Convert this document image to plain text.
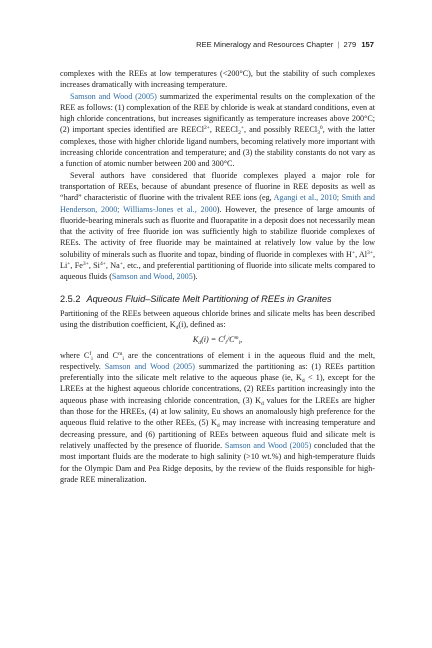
REE Mineralogy and Resources Chapter | 279 157

complexes with the REEs at low temperatures (<200°C), but the stability of such complexes increases dramatically with increasing temperature.

Samson and Wood (2005) summarized the experimental results on the complexation of the REE as follows: (1) complexation of the REE by chloride is weak at standard conditions, even at high chloride concentrations, but increases significantly as temperature increases above 200°C; (2) important species identified are REECl$^{2+}$, REECl$_2$+, and possibly REECl$_3^0$, with the latter complexes, those with higher chloride ligand numbers, becoming relatively more important with increasing chloride concentration and temperature; and (3) the stability constants do not vary as a function of atomic number between 200 and 300°C.

Several authors have considered that fluoride complexes played a major role for transportation of REEs, because of abundant presence of fluorine in REE deposits as well as “hard” characteristic of fluorine with the trivalent REE ions (eg, Agangi et al., 2010; Smith and Henderson, 2000; Williams-Jones et al., 2000). However, the presence of large amounts of fluoride-bearing minerals such as fluorite and fluorapatite in a deposit does not necessarily mean that the activity of free fluoride ion was sufficiently high to stabilize fluoride complexes of REEs. The activity of free fluoride may be maintained at relatively low value by the low solubility of minerals such as fluorite and topaz, binding of fluoride in complexes with H+, $Al^{3+}$, Li+, $Fe^{3+}$, $Si^{4+}$, Na+, etc., and preferential partitioning of fluoride into silicate melts compared to aqueous fluids (Samson and Wood, 2005).

2.5.2 Aqueous Fluid–Silicate Melt Partitioning of REEs in Granites

Partitioning of the REEs between aqueous chloride brines and silicate melts has been described using the distribution coefficient, $K_d(i)$, defined as:

$K_d(i) = C^f_i/C^m_i$,

where $C^f_i$ and $C^m_i$ are the concentrations of element i in the aqueous fluid and the melt, respectively. Samson and Wood (2005) summarized the partitioning as: (1) REEs partition preferentially into the silicate melt relative to the aqueous phase (ie, $K_d < 1$), except for the LREEs at the highest aqueous chloride concentrations, (2) REEs partition increasingly into the aqueous phase with increasing chloride concentration, (3) $K_d$ values for the LREEs are higher than those for the HREEs, (4) at low salinity, Eu shows an anomalously high preference for the aqueous fluid relative to the other REEs, (5) $K_d$ may increase with increasing temperature and decreasing pressure, and (6) partitioning of REEs between aqueous fluid and silicate melt is relatively unaffected by the presence of fluoride. Samson and Wood (2005) concluded that the most important fluids are the moderate to high salinity (>10 wt.%) and high-temperature fluids for the Olympic Dam and Pea Ridge deposits, by the review of the fluids responsible for high-grade REE mineralization.
